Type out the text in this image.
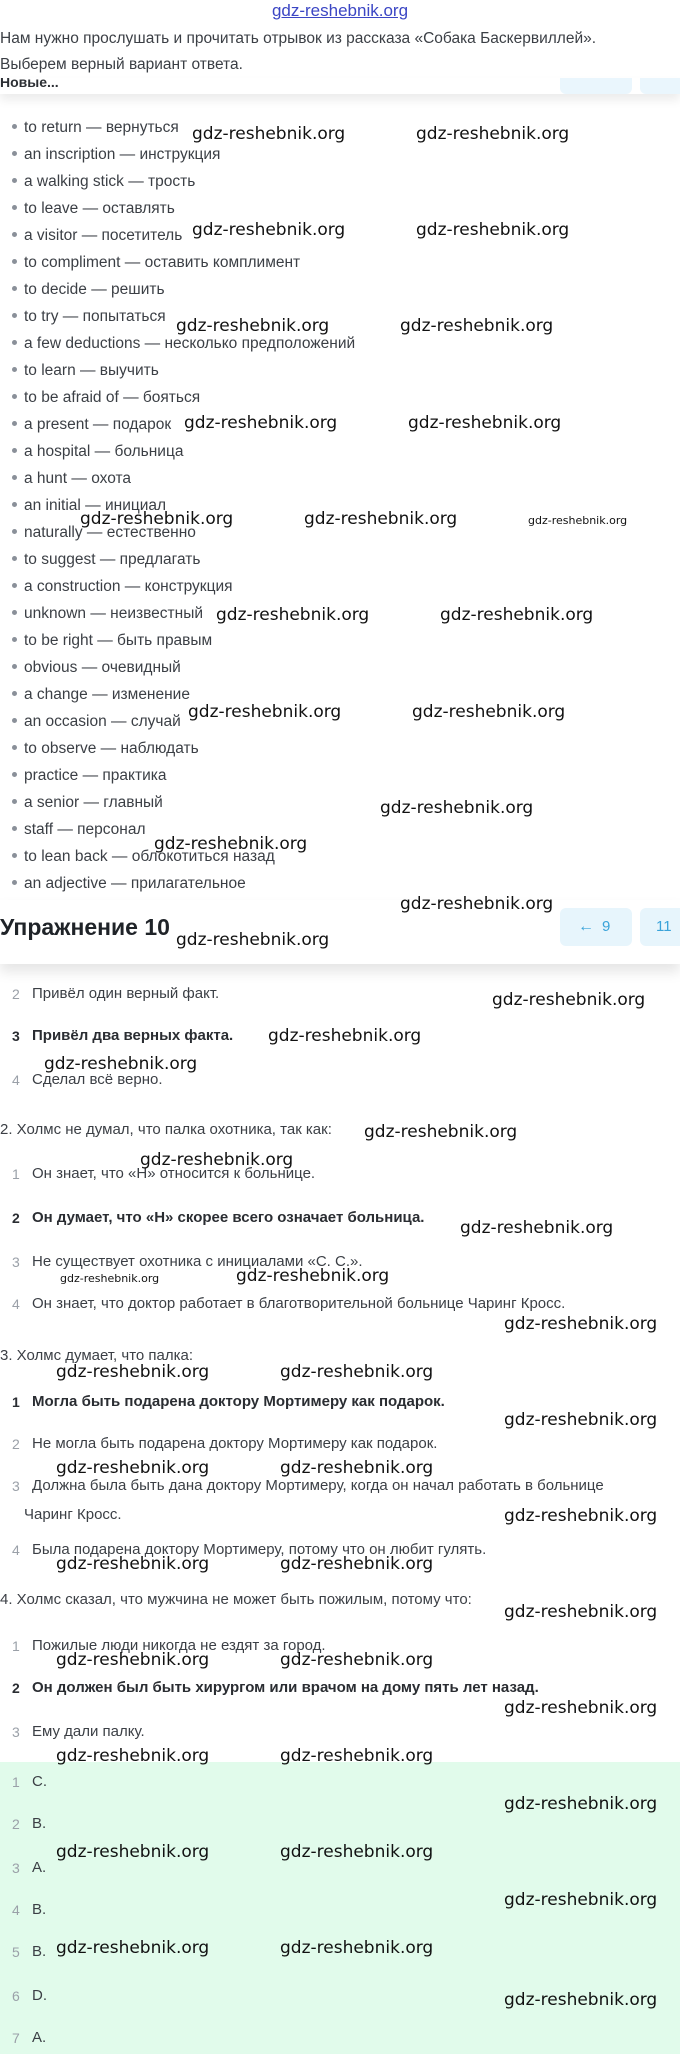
gdz-reshebnik.org

Нам нужно прослушать и прочитать отрывок из рассказа «Собака Баскервиллей».

Выберем верный вариант ответа.

Новые...
to return — вернуться
an inscription — инструкция
a walking stick — трость
to leave — оставлять
a visitor — посетитель
to compliment — оставить комплимент
to decide — решить
to try — попытаться
a few deductions — несколько предположений
to learn — выучить
to be afraid of — бояться
a present — подарок
a hospital — больница
a hunt — охота
an initial — инициал
naturally — естественно
to suggest — предлагать
a construction — конструкция
unknown — неизвестный
to be right — быть правым
obvious — очевидный
a change — изменение
an occasion — случай
to observe — наблюдать
practice — практика
a senior — главный
staff — персонал
to lean back — облокотиться назад
an adjective — прилагательное
Упражнение 10	← 9	11
2 Привёл один верный факт.
3 Привёл два верных факта.
4 Сделал всё верно.
2. Холмс не думал, что палка охотника, так как:
1 Он знает, что «Н» относится к больнице.
2 Он думает, что «Н» скорее всего означает больница.
3 Не существует охотника с инициалами «С. С.».
4 Он знает, что доктор работает в благотворительной больнице Чаринг Кросс.
3. Холмс думает, что палка:
1 Могла быть подарена доктору Мортимеру как подарок.
2 Не могла быть подарена доктору Мортимеру как подарок.
3 Должна была быть дана доктору Мортимеру, когда он начал работать в больнице
Чаринг Кросс.
4 Была подарена доктору Мортимеру, потому что он любит гулять.
4. Холмс сказал, что мужчина не может быть пожилым, потому что:
1 Пожилые люди никогда не ездят за город.
2 Он должен был быть хирургом или врачом на дому пять лет назад.
3 Ему дали палку.
1 C.
2 B.
3 A.
4 B.
5 B.
6 D.
7 A.
gdz-reshebnik.org	gdz-reshebnik.org
gdz-reshebnik.org	gdz-reshebnik.org
gdz-reshebnik.org	gdz-reshebnik.org
gdz-reshebnik.org	gdz-reshebnik.org
gdz-reshebnik.org	gdz-reshebnik.org	gdz-reshebnik.org
gdz-reshebnik.org	gdz-reshebnik.org
gdz-reshebnik.org	gdz-reshebnik.org
gdz-reshebnik.org
gdz-reshebnik.org
gdz-reshebnik.org
gdz-reshebnik.org
gdz-reshebnik.org
gdz-reshebnik.org
gdz-reshebnik.org
gdz-reshebnik.org
gdz-reshebnik.org
gdz-reshebnik.org
gdz-reshebnik.org	gdz-reshebnik.org
gdz-reshebnik.org
gdz-reshebnik.org	gdz-reshebnik.org
gdz-reshebnik.org
gdz-reshebnik.org	gdz-reshebnik.org
gdz-reshebnik.org
gdz-reshebnik.org	gdz-reshebnik.org
gdz-reshebnik.org
gdz-reshebnik.org	gdz-reshebnik.org
gdz-reshebnik.org
gdz-reshebnik.org	gdz-reshebnik.org
gdz-reshebnik.org
gdz-reshebnik.org	gdz-reshebnik.org
gdz-reshebnik.org
gdz-reshebnik.org	gdz-reshebnik.org
gdz-reshebnik.org
